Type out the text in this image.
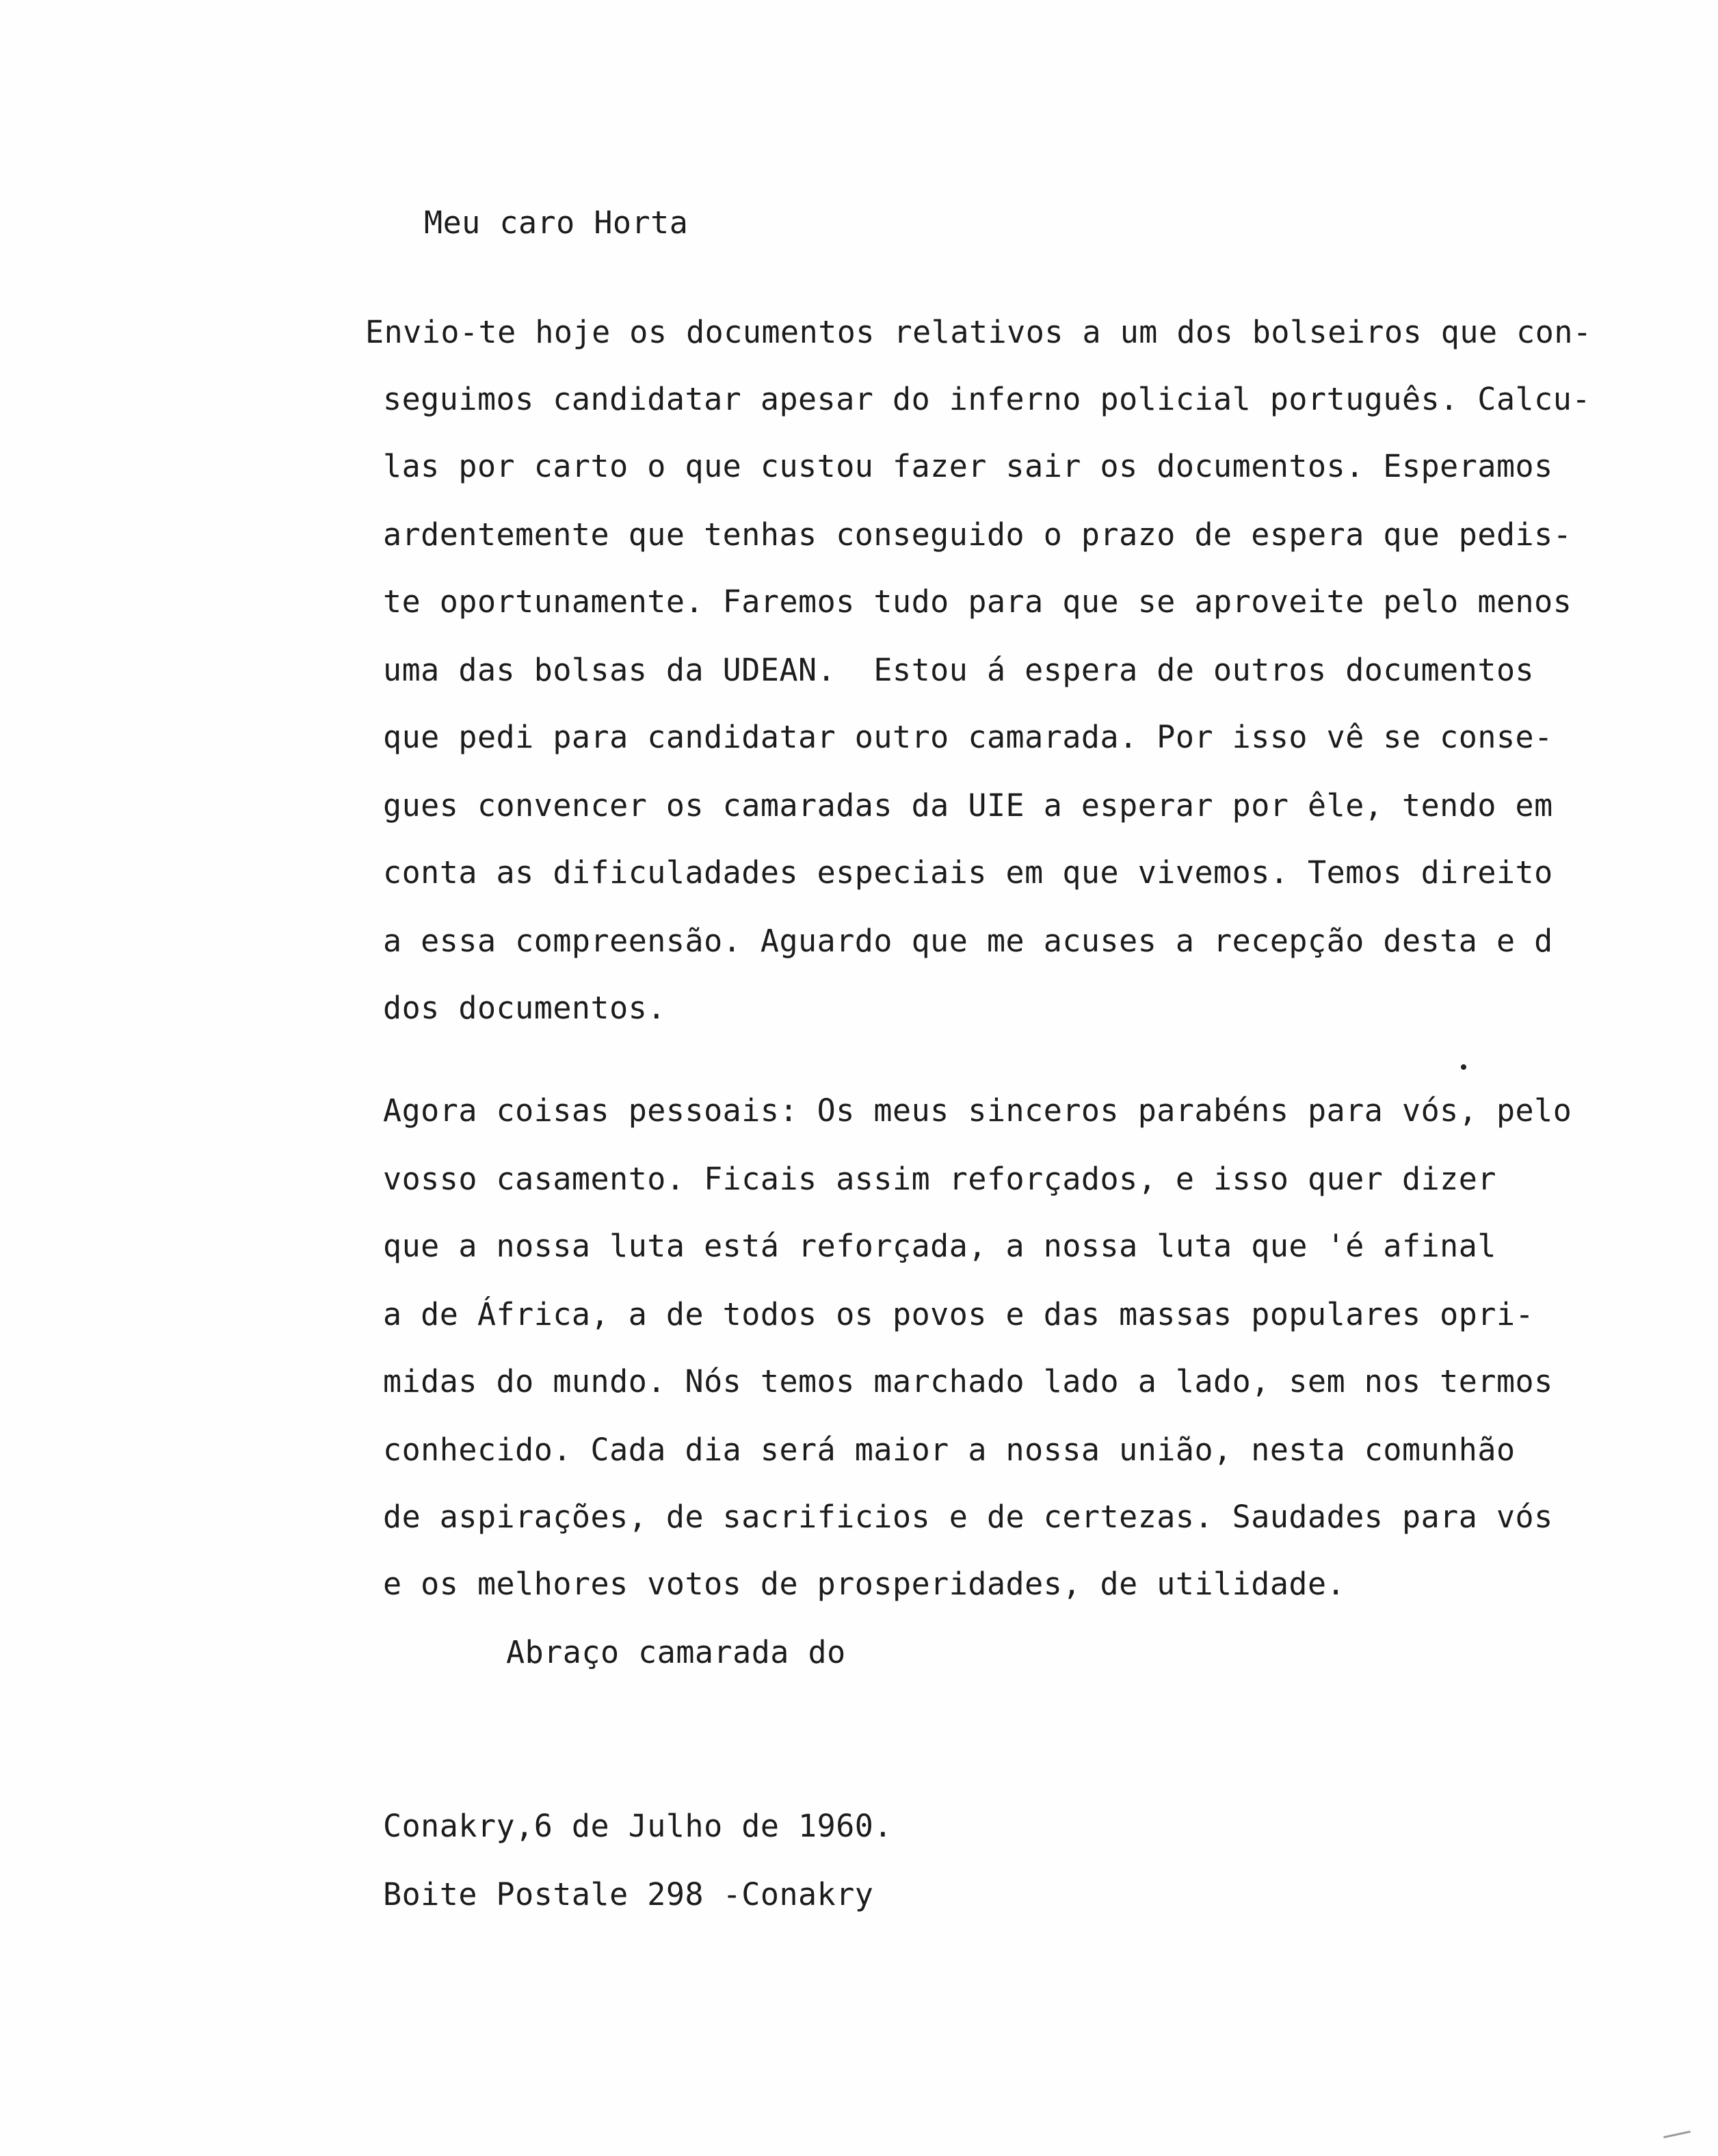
Meu caro Horta
Envio-te hoje os documentos relativos a um dos bolseiros que con-
seguimos candidatar apesar do inferno policial português. Calcu-
las por carto o que custou fazer sair os documentos. Esperamos
ardentemente que tenhas conseguido o prazo de espera que pedis-
te oportunamente. Faremos tudo para que se aproveite pelo menos
uma das bolsas da UDEAN.  Estou á espera de outros documentos
que pedi para candidatar outro camarada. Por isso vê se conse-
gues convencer os camaradas da UIE a esperar por êle, tendo em
conta as dificuladades especiais em que vivemos. Temos direito
a essa compreensão. Aguardo que me acuses a recepção desta e d
dos documentos.
Agora coisas pessoais: Os meus sinceros parabéns para vós, pelo
vosso casamento. Ficais assim reforçados, e isso quer dizer
que a nossa luta está reforçada, a nossa luta que 'é afinal
a de África, a de todos os povos e das massas populares opri-
midas do mundo. Nós temos marchado lado a lado, sem nos termos
conhecido. Cada dia será maior a nossa união, nesta comunhão
de aspirações, de sacrificios e de certezas. Saudades para vós
e os melhores votos de prosperidades, de utilidade.
Abraço camarada do
Conakry,6 de Julho de 1960.
Boite Postale 298 -Conakry
